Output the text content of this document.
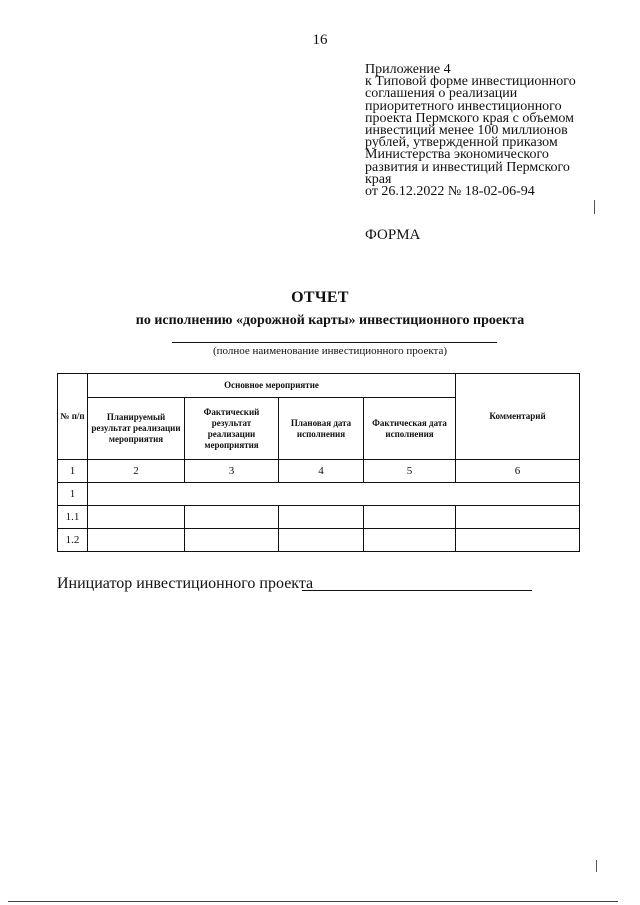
16
Приложение 4
к Типовой форме инвестиционного
соглашения о реализации
приоритетного инвестиционного
проекта Пермского края с объемом
инвестиций менее 100 миллионов
рублей, утвержденной приказом
Министерства экономического
развития и инвестиций Пермского
края
от 26.12.2022 № 18-02-06-94
ФОРМА
ОТЧЕТ
по исполнению «дорожной карты» инвестиционного проекта
(полное наименование инвестиционного проекта)
№ п/п	Основное мероприятие				Комментарий
	Планируемый результат реализации мероприятия	Фактический результат реализации мероприятия	Плановая дата исполнения	Фактическая дата исполнения	
1	2	3	4	5	6
1					
1.1					
1.2					
Инициатор инвестиционного проекта
